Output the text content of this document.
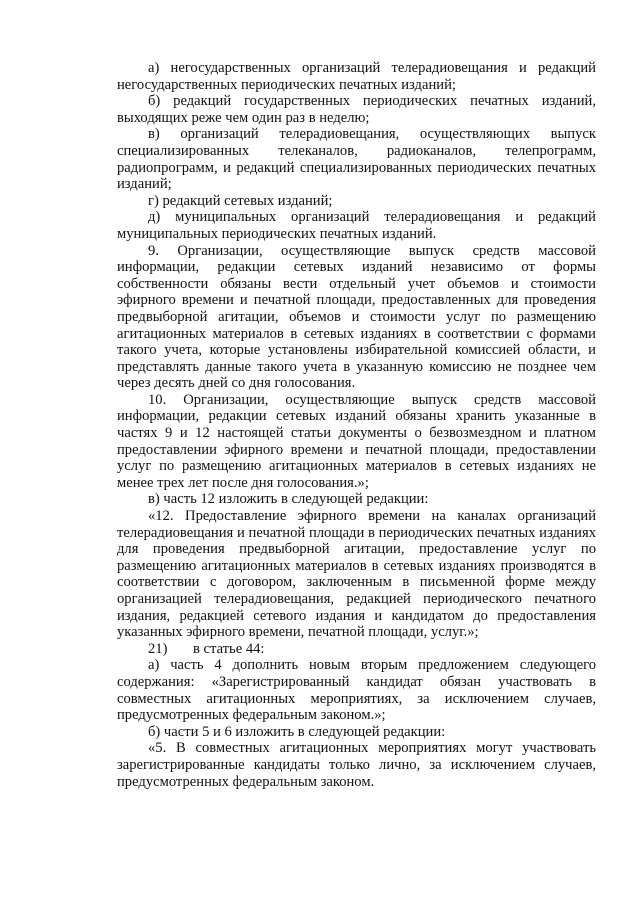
а) негосударственных организаций телерадиовещания и редакций негосударственных периодических печатных изданий;

б) редакций государственных периодических печатных изданий, выходящих реже чем один раз в неделю;

в) организаций телерадиовещания, осуществляющих выпуск специализированных телеканалов, радиоканалов, телепрограмм, радиопрограмм, и редакций специализированных периодических печатных изданий;

г) редакций сетевых изданий;

д) муниципальных организаций телерадиовещания и редакций муниципальных периодических печатных изданий.

9. Организации, осуществляющие выпуск средств массовой информации, редакции сетевых изданий независимо от формы собственности обязаны вести отдельный учет объемов и стоимости эфирного времени и печатной площади, предоставленных для проведения предвыборной агитации, объемов и стоимости услуг по размещению агитационных материалов в сетевых изданиях в соответствии с формами такого учета, которые установлены избирательной комиссией области, и представлять данные такого учета в указанную комиссию не позднее чем через десять дней со дня голосования.

10. Организации, осуществляющие выпуск средств массовой информации, редакции сетевых изданий обязаны хранить указанные в частях 9 и 12 настоящей статьи документы о безвозмездном и платном предоставлении эфирного времени и печатной площади, предоставлении услуг по размещению агитационных материалов в сетевых изданиях не менее трех лет после дня голосования.»;

в) часть 12 изложить в следующей редакции:

«12. Предоставление эфирного времени на каналах организаций телерадиовещания и печатной площади в периодических печатных изданиях для проведения предвыборной агитации, предоставление услуг по размещению агитационных материалов в сетевых изданиях производятся в соответствии с договором, заключенным в письменной форме между организацией телерадиовещания, редакцией периодического печатного издания, редакцией сетевого издания и кандидатом до предоставления указанных эфирного времени, печатной площади, услуг.»;

21)       в статье 44:

а) часть 4 дополнить новым вторым предложением следующего содержания: «Зарегистрированный кандидат обязан участвовать в совместных агитационных мероприятиях, за исключением случаев, предусмотренных федеральным законом.»;

б) части 5 и 6 изложить в следующей редакции:

«5. В совместных агитационных мероприятиях могут участвовать зарегистрированные кандидаты только лично, за исключением случаев, предусмотренных федеральным законом.
